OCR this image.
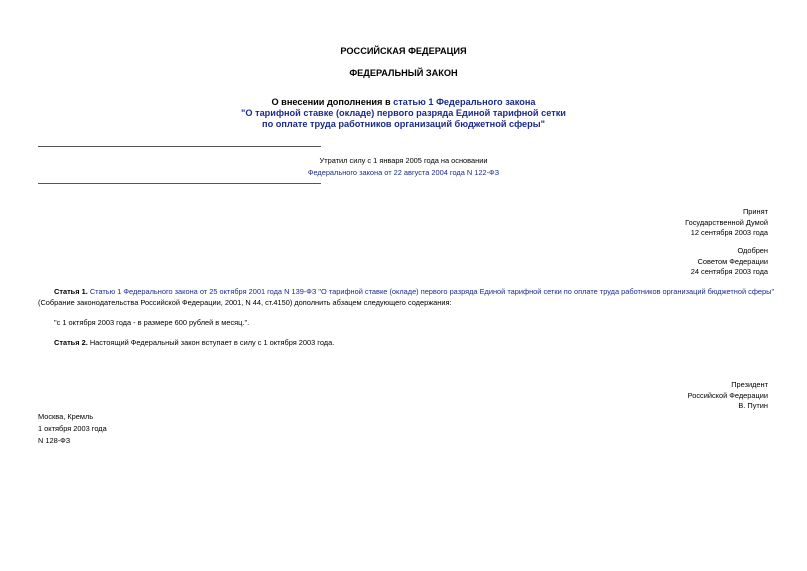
РОССИЙСКАЯ ФЕДЕРАЦИЯ
ФЕДЕРАЛЬНЫЙ ЗАКОН
О внесении дополнения в статью 1 Федерального закона
"О тарифной ставке (окладе) первого разряда Единой тарифной сетки
по оплате труда работников организаций бюджетной сферы"
Утратил силу с 1 января 2005 года на основании
Федерального закона от 22 августа 2004 года N 122-ФЗ
Принят
Государственной Думой
12 сентября 2003 года
Одобрен
Советом Федерации
24 сентября 2003 года
Статья 1. Статью 1 Федерального закона от 25 октября 2001 года N 139-ФЗ "О тарифной ставке (окладе) первого разряда Единой тарифной сетки по оплате труда работников организаций бюджетной сферы"
(Собрание законодательства Российской Федерации, 2001, N 44, ст.4150) дополнить абзацем следующего содержания:
"с 1 октября 2003 года - в размере 600 рублей в месяц.".
Статья 2. Настоящий Федеральный закон вступает в силу с 1 октября 2003 года.
Президент
Российской Федерации
В. Путин
Москва, Кремль
1 октября 2003 года
N 128-ФЗ
